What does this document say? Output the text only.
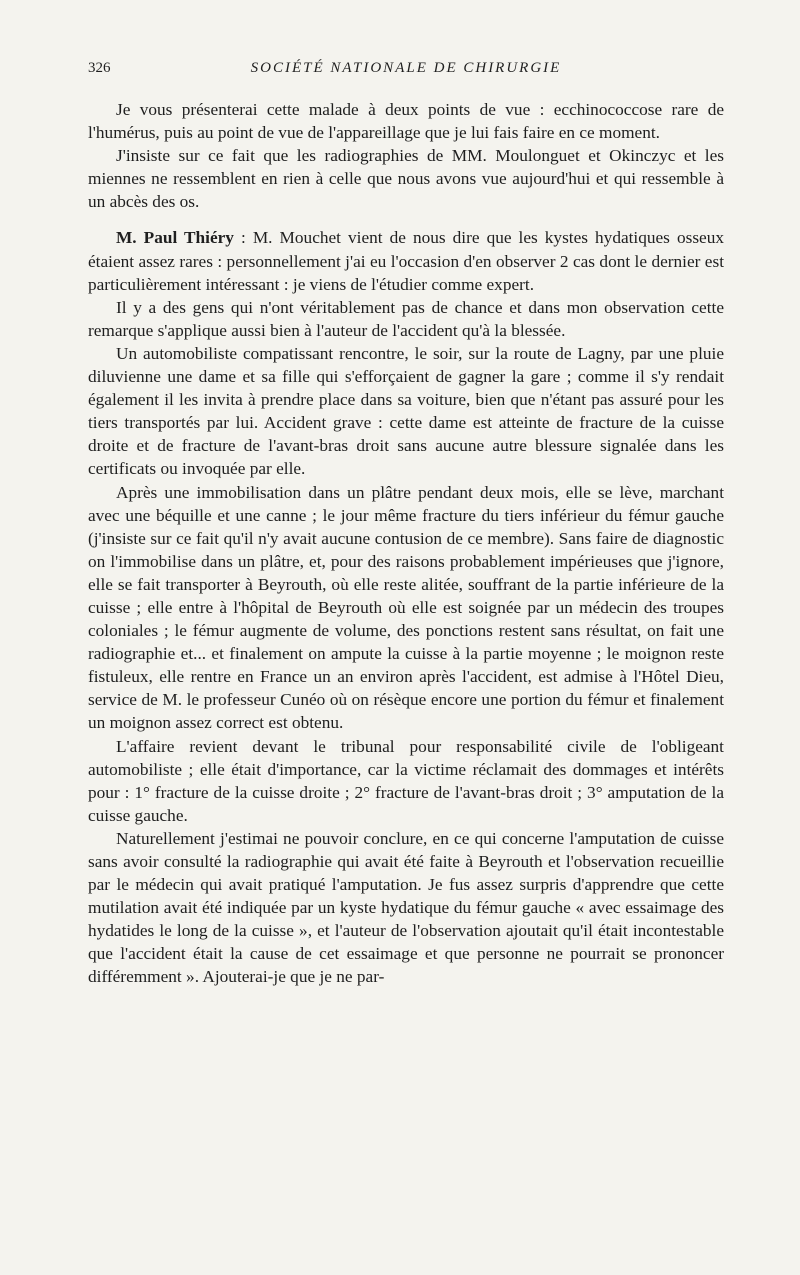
326	SOCIÉTÉ NATIONALE DE CHIRURGIE

Je vous présenterai cette malade à deux points de vue : ecchinococcose rare de l'humérus, puis au point de vue de l'appareillage que je lui fais faire en ce moment.

J'insiste sur ce fait que les radiographies de MM. Moulonguet et Okinczyc et les miennes ne ressemblent en rien à celle que nous avons vue aujourd'hui et qui ressemble à un abcès des os.

M. Paul Thiéry : M. Mouchet vient de nous dire que les kystes hydatiques osseux étaient assez rares : personnellement j'ai eu l'occasion d'en observer 2 cas dont le dernier est particulièrement intéressant : je viens de l'étudier comme expert.

Il y a des gens qui n'ont véritablement pas de chance et dans mon observation cette remarque s'applique aussi bien à l'auteur de l'accident qu'à la blessée.

Un automobiliste compatissant rencontre, le soir, sur la route de Lagny, par une pluie diluvienne une dame et sa fille qui s'efforçaient de gagner la gare ; comme il s'y rendait également il les invita à prendre place dans sa voiture, bien que n'étant pas assuré pour les tiers transportés par lui. Accident grave : cette dame est atteinte de fracture de la cuisse droite et de fracture de l'avant-bras droit sans aucune autre blessure signalée dans les certificats ou invoquée par elle.

Après une immobilisation dans un plâtre pendant deux mois, elle se lève, marchant avec une béquille et une canne ; le jour même fracture du tiers inférieur du fémur gauche (j'insiste sur ce fait qu'il n'y avait aucune contusion de ce membre). Sans faire de diagnostic on l'immobilise dans un plâtre, et, pour des raisons probablement impérieuses que j'ignore, elle se fait transporter à Beyrouth, où elle reste alitée, souffrant de la partie inférieure de la cuisse ; elle entre à l'hôpital de Beyrouth où elle est soignée par un médecin des troupes coloniales ; le fémur augmente de volume, des ponctions restent sans résultat, on fait une radiographie et... et finalement on ampute la cuisse à la partie moyenne ; le moignon reste fistuleux, elle rentre en France un an environ après l'accident, est admise à l'Hôtel Dieu, service de M. le professeur Cunéo où on résèque encore une portion du fémur et finalement un moignon assez correct est obtenu.

L'affaire revient devant le tribunal pour responsabilité civile de l'obligeant automobiliste ; elle était d'importance, car la victime réclamait des dommages et intérêts pour : 1° fracture de la cuisse droite ; 2° fracture de l'avant-bras droit ; 3° amputation de la cuisse gauche.

Naturellement j'estimai ne pouvoir conclure, en ce qui concerne l'amputation de cuisse sans avoir consulté la radiographie qui avait été faite à Beyrouth et l'observation recueillie par le médecin qui avait pratiqué l'amputation. Je fus assez surpris d'apprendre que cette mutilation avait été indiquée par un kyste hydatique du fémur gauche « avec essaimage des hydatides le long de la cuisse », et l'auteur de l'observation ajoutait qu'il était incontestable que l'accident était la cause de cet essaimage et que personne ne pourrait se prononcer différemment ». Ajouterai-je que je ne par-
